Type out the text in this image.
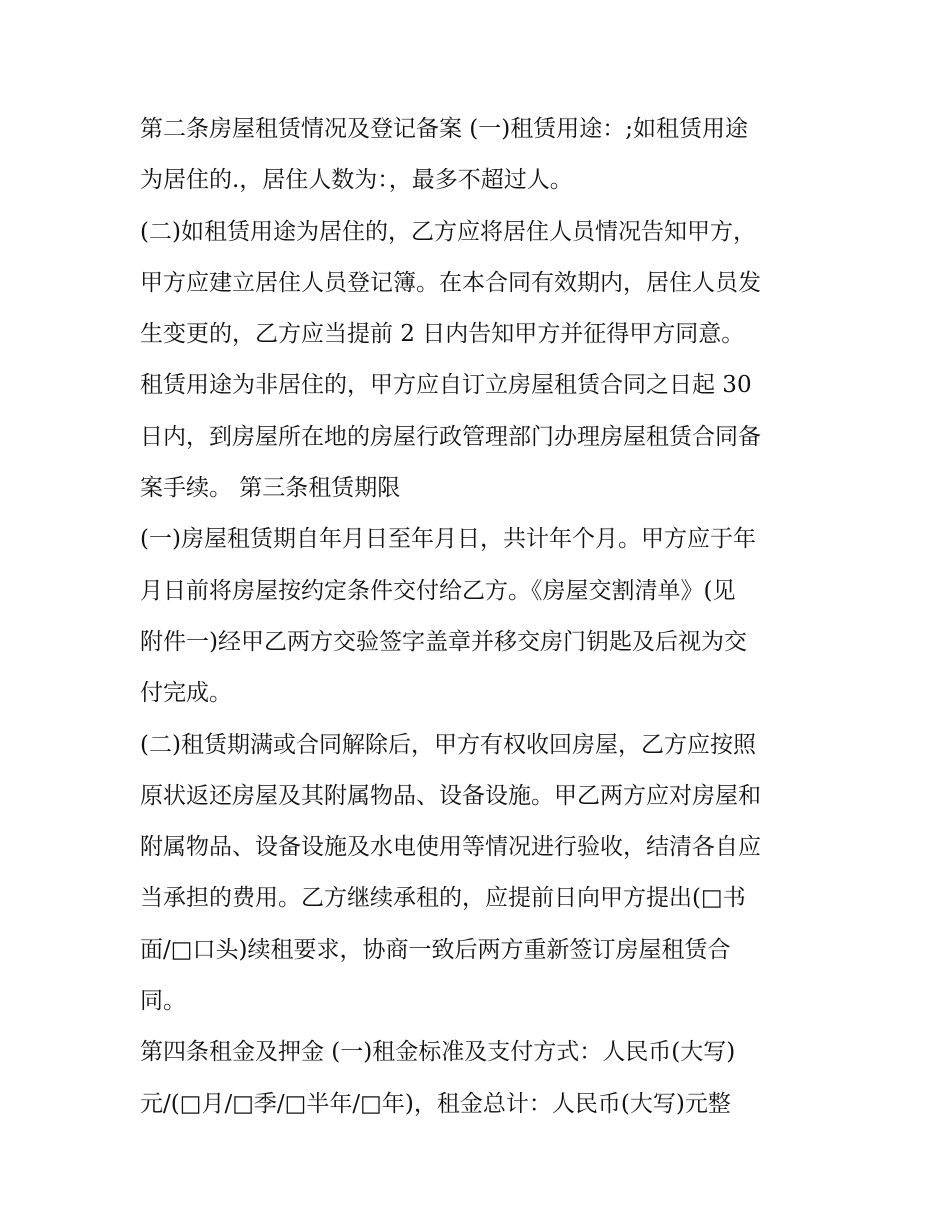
第二条房屋租赁情况及登记备案 (一)租赁用途：;如租赁用途
为居住的.，居住人数为：，最多不超过人。
(二)如租赁用途为居住的，乙方应将居住人员情况告知甲方，
甲方应建立居住人员登记簿。在本合同有效期内，居住人员发
生变更的，乙方应当提前 2 日内告知甲方并征得甲方同意。
租赁用途为非居住的，甲方应自订立房屋租赁合同之日起 30
日内，到房屋所在地的房屋行政管理部门办理房屋租赁合同备
案手续。 第三条租赁期限
(一)房屋租赁期自年月日至年月日，共计年个月。甲方应于年
月日前将房屋按约定条件交付给乙方。《房屋交割清单》(见
附件一)经甲乙两方交验签字盖章并移交房门钥匙及后视为交
付完成。
(二)租赁期满或合同解除后，甲方有权收回房屋，乙方应按照
原状返还房屋及其附属物品、设备设施。甲乙两方应对房屋和
附属物品、设备设施及水电使用等情况进行验收，结清各自应
当承担的费用。乙方继续承租的，应提前日向甲方提出(□书
面/□口头)续租要求，协商一致后两方重新签订房屋租赁合
同。
第四条租金及押金 (一)租金标准及支付方式：人民币(大写)
元/(□月/□季/□半年/□年)，租金总计：人民币(大写)元整
